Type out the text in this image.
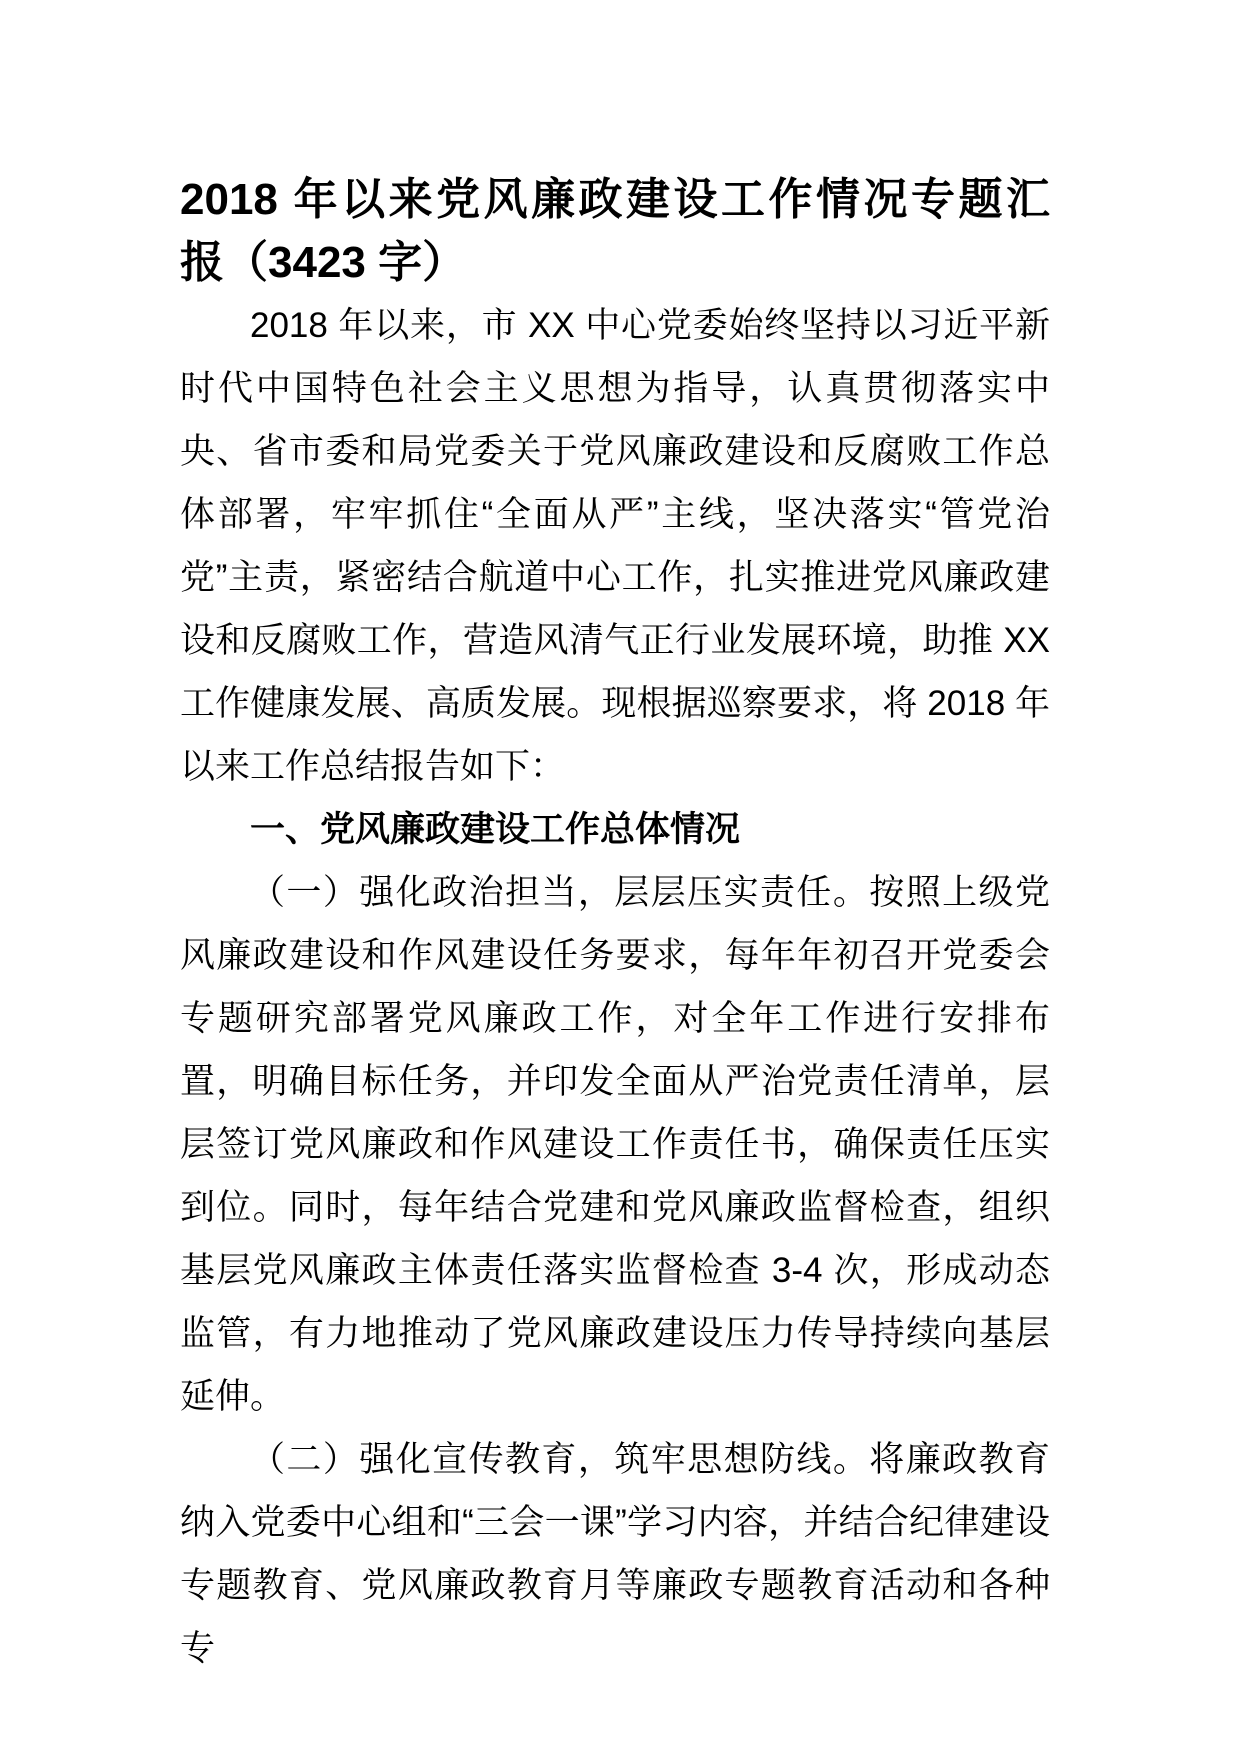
2018 年以来党风廉政建设工作情况专题汇
报（3423 字）

2018 年以来，市 XX 中心党委始终坚持以习近平新时代中国特色社会主义思想为指导，认真贯彻落实中央、省市委和局党委关于党风廉政建设和反腐败工作总体部署，牢牢抓住“全面从严”主线，坚决落实“管党治党”主责，紧密结合航道中心工作，扎实推进党风廉政建设和反腐败工作，营造风清气正行业发展环境，助推 XX 工作健康发展、高质发展。现根据巡察要求，将 2018 年以来工作总结报告如下：

一、党风廉政建设工作总体情况

（一）强化政治担当，层层压实责任。按照上级党风廉政建设和作风建设任务要求，每年年初召开党委会专题研究部署党风廉政工作，对全年工作进行安排布置，明确目标任务，并印发全面从严治党责任清单，层层签订党风廉政和作风建设工作责任书，确保责任压实到位。同时，每年结合党建和党风廉政监督检查，组织基层党风廉政主体责任落实监督检查 3-4 次，形成动态监管，有力地推动了党风廉政建设压力传导持续向基层延伸。

（二）强化宣传教育，筑牢思想防线。将廉政教育纳入党委中心组和“三会一课”学习内容，并结合纪律建设专题教育、党风廉政教育月等廉政专题教育活动和各种专
